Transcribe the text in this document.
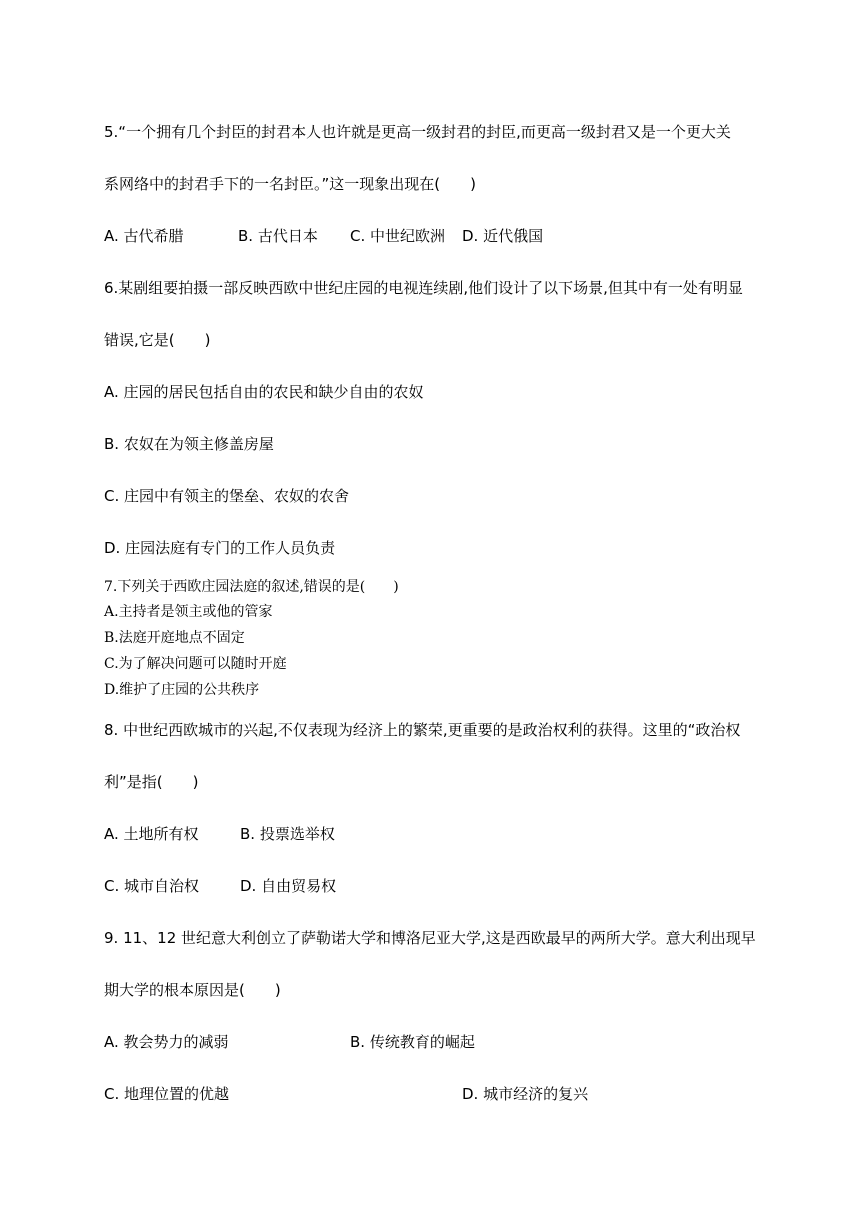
5.“一个拥有几个封臣的封君本人也许就是更高一级封君的封臣,而更高一级封君又是一个更大关
系网络中的封君手下的一名封臣。”这一现象出现在(　　)
A. 古代希腊	B. 古代日本 C. 中世纪欧洲 D. 近代俄国
6.某剧组要拍摄一部反映西欧中世纪庄园的电视连续剧,他们设计了以下场景,但其中有一处有明显
错误,它是(　　)
A. 庄园的居民包括自由的农民和缺少自由的农奴
B. 农奴在为领主修盖房屋
C. 庄园中有领主的堡垒、农奴的农舍
D. 庄园法庭有专门的工作人员负责
7.下列关于西欧庄园法庭的叙述,错误的是(　　)
A.主持者是领主或他的管家
B.法庭开庭地点不固定
C.为了解决问题可以随时开庭
D.维护了庄园的公共秩序
8. 中世纪西欧城市的兴起,不仅表现为经济上的繁荣,更重要的是政治权利的获得。这里的“政治权
利”是指(　　)
A. 土地所有权	B. 投票选举权
C. 城市自治权	D. 自由贸易权
9. 11、12 世纪意大利创立了萨勒诺大学和博洛尼亚大学,这是西欧最早的两所大学。意大利出现早
期大学的根本原因是(　　)
A. 教会势力的减弱	B. 传统教育的崛起
C. 地理位置的优越	D. 城市经济的复兴
